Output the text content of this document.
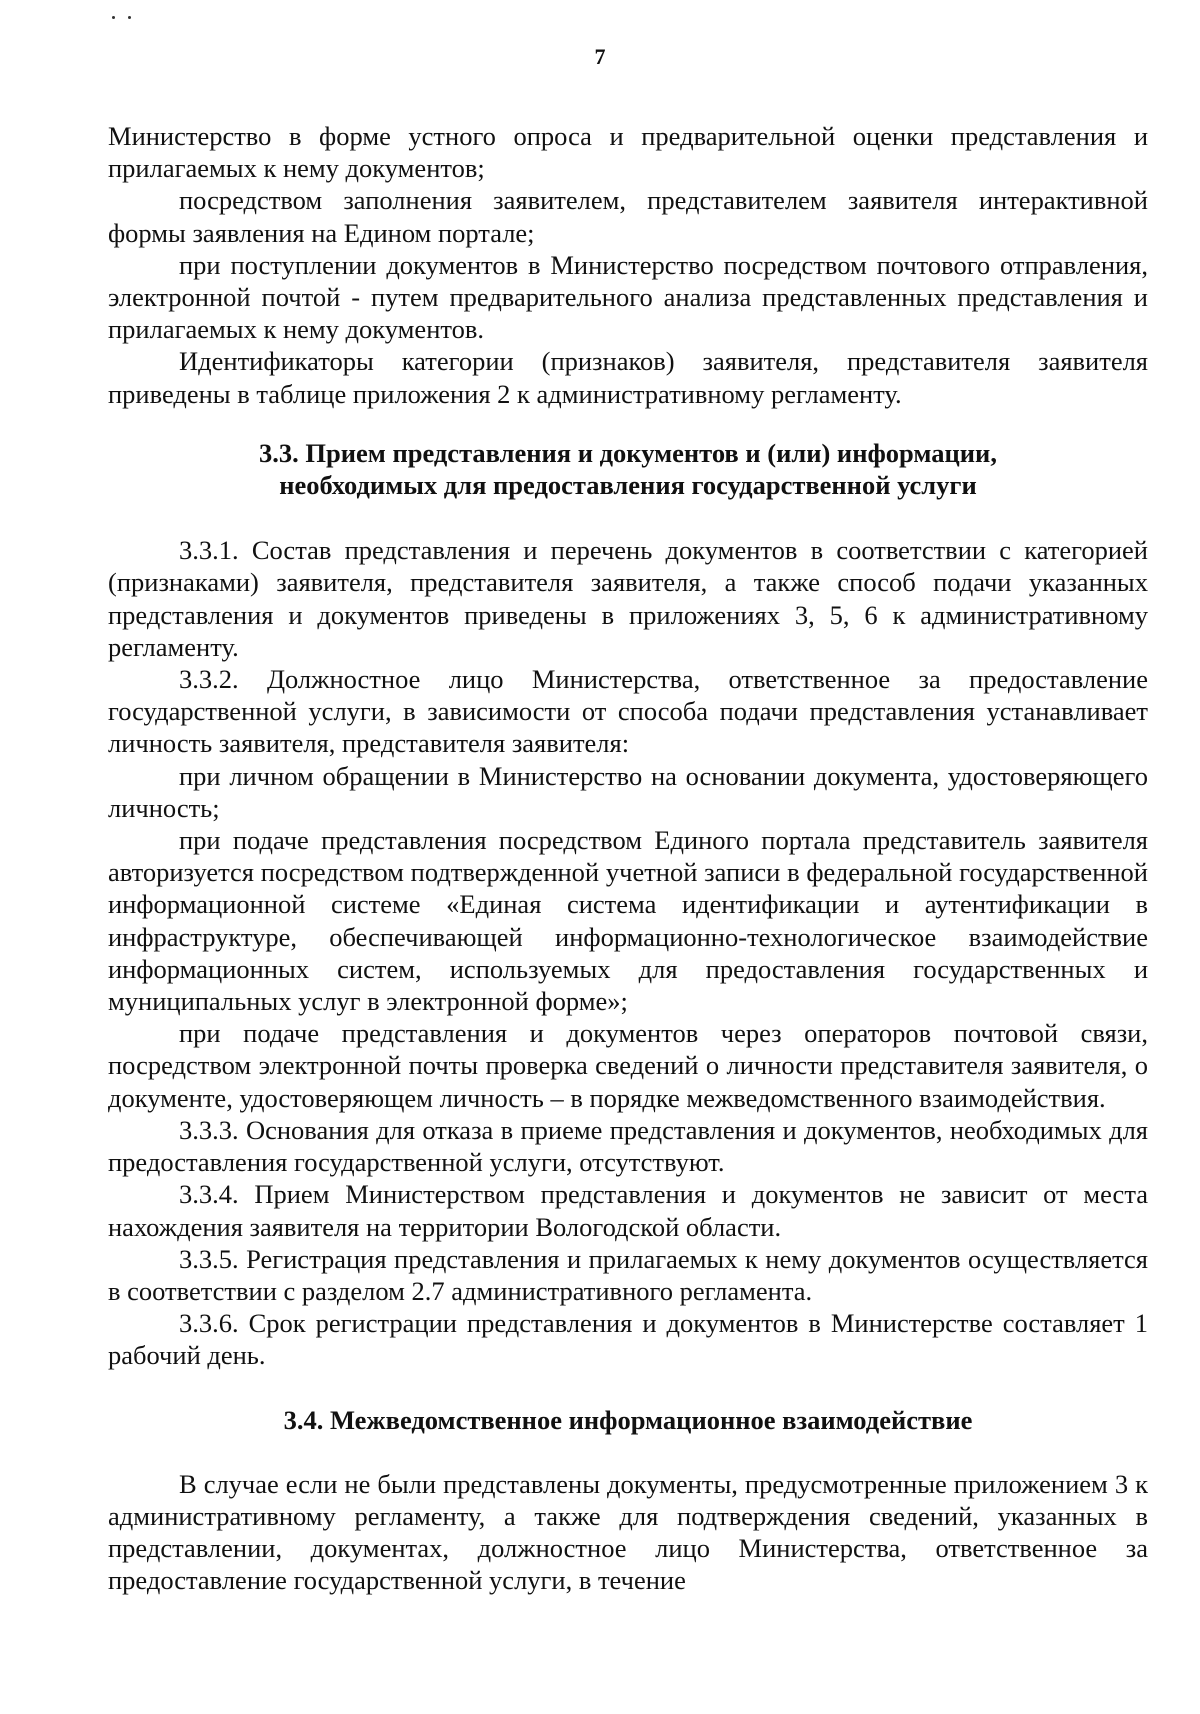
7

Министерство в форме устного опроса и предварительной оценки представления и прилагаемых к нему документов;

посредством заполнения заявителем, представителем заявителя интерактивной формы заявления на Едином портале;

при поступлении документов в Министерство посредством почтового отправления, электронной почтой - путем предварительного анализа представленных представления и прилагаемых к нему документов.

Идентификаторы категории (признаков) заявителя, представителя заявителя приведены в таблице приложения 2 к административному регламенту.

3.3. Прием представления и документов и (или) информации, необходимых для предоставления государственной услуги

3.3.1. Состав представления и перечень документов в соответствии с категорией (признаками) заявителя, представителя заявителя, а также способ подачи указанных представления и документов приведены в приложениях 3, 5, 6 к административному регламенту.

3.3.2. Должностное лицо Министерства, ответственное за предоставление государственной услуги, в зависимости от способа подачи представления устанавливает личность заявителя, представителя заявителя:

при личном обращении в Министерство на основании документа, удостоверяющего личность;

при подаче представления посредством Единого портала представитель заявителя авторизуется посредством подтвержденной учетной записи в федеральной государственной информационной системе «Единая система идентификации и аутентификации в инфраструктуре, обеспечивающей информационно-технологическое взаимодействие информационных систем, используемых для предоставления государственных и муниципальных услуг в электронной форме»;

при подаче представления и документов через операторов почтовой связи, посредством электронной почты проверка сведений о личности представителя заявителя, о документе, удостоверяющем личность – в порядке межведомственного взаимодействия.

3.3.3. Основания для отказа в приеме представления и документов, необходимых для предоставления государственной услуги, отсутствуют.

3.3.4. Прием Министерством представления и документов не зависит от места нахождения заявителя на территории Вологодской области.

3.3.5. Регистрация представления и прилагаемых к нему документов осуществляется в соответствии с разделом 2.7 административного регламента.

3.3.6. Срок регистрации представления и документов в Министерстве составляет 1 рабочий день.

3.4. Межведомственное информационное взаимодействие

В случае если не были представлены документы, предусмотренные приложением 3 к административному регламенту, а также для подтверждения сведений, указанных в представлении, документах, должностное лицо Министерства, ответственное за предоставление государственной услуги, в течение
